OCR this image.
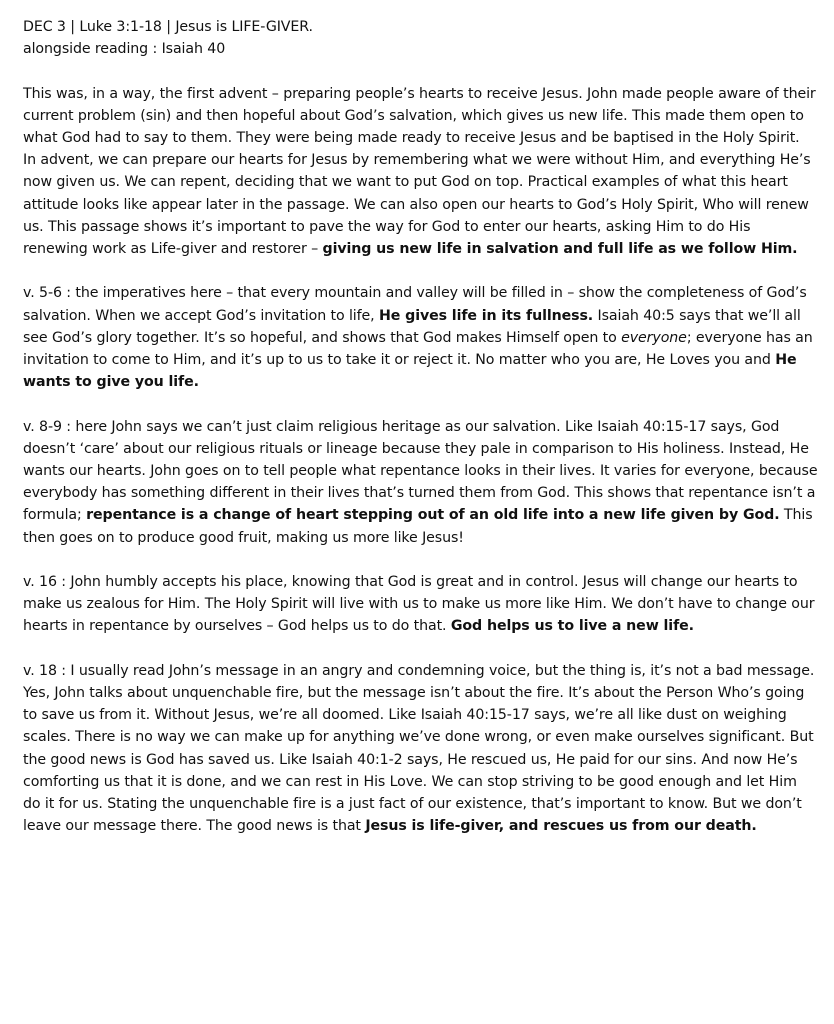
DEC 3 | Luke 3:1-18 | Jesus is LIFE-GIVER.

alongside reading : Isaiah 40

This was, in a way, the first advent – preparing people’s hearts to receive Jesus. John made people aware of their current problem (sin) and then hopeful about God’s salvation, which gives us new life. This made them open to what God had to say to them. They were being made ready to receive Jesus and be baptised in the Holy Spirit.

In advent, we can prepare our hearts for Jesus by remembering what we were without Him, and everything He’s now given us. We can repent, deciding that we want to put God on top. Practical examples of what this heart attitude looks like appear later in the passage. We can also open our hearts to God’s Holy Spirit, Who will renew us. This passage shows it’s important to pave the way for God to enter our hearts, asking Him to do His renewing work as Life-giver and restorer – giving us new life in salvation and full life as we follow Him.

v. 5-6 : the imperatives here – that every mountain and valley will be filled in – show the completeness of God’s salvation. When we accept God’s invitation to life, He gives life in its fullness. Isaiah 40:5 says that we’ll all see God’s glory together. It’s so hopeful, and shows that God makes Himself open to everyone; everyone has an invitation to come to Him, and it’s up to us to take it or reject it. No matter who you are, He Loves you and He wants to give you life.

v. 8-9 : here John says we can’t just claim religious heritage as our salvation. Like Isaiah 40:15-17 says, God doesn’t ‘care’ about our religious rituals or lineage because they pale in comparison to His holiness. Instead, He wants our hearts. John goes on to tell people what repentance looks in their lives. It varies for everyone, because everybody has something different in their lives that’s turned them from God. This shows that repentance isn’t a formula; repentance is a change of heart stepping out of an old life into a new life given by God. This then goes on to produce good fruit, making us more like Jesus!

v. 16 : John humbly accepts his place, knowing that God is great and in control. Jesus will change our hearts to make us zealous for Him. The Holy Spirit will live with us to make us more like Him. We don’t have to change our hearts in repentance by ourselves – God helps us to do that. God helps us to live a new life.

v. 18 : I usually read John’s message in an angry and condemning voice, but the thing is, it’s not a bad message. Yes, John talks about unquenchable fire, but the message isn’t about the fire. It’s about the Person Who’s going to save us from it. Without Jesus, we’re all doomed. Like Isaiah 40:15-17 says, we’re all like dust on weighing scales. There is no way we can make up for anything we’ve done wrong, or even make ourselves significant. But the good news is God has saved us. Like Isaiah 40:1-2 says, He rescued us, He paid for our sins. And now He’s comforting us that it is done, and we can rest in His Love. We can stop striving to be good enough and let Him do it for us. Stating the unquenchable fire is a just fact of our existence, that’s important to know. But we don’t leave our message there. The good news is that Jesus is life-giver, and rescues us from our death.
